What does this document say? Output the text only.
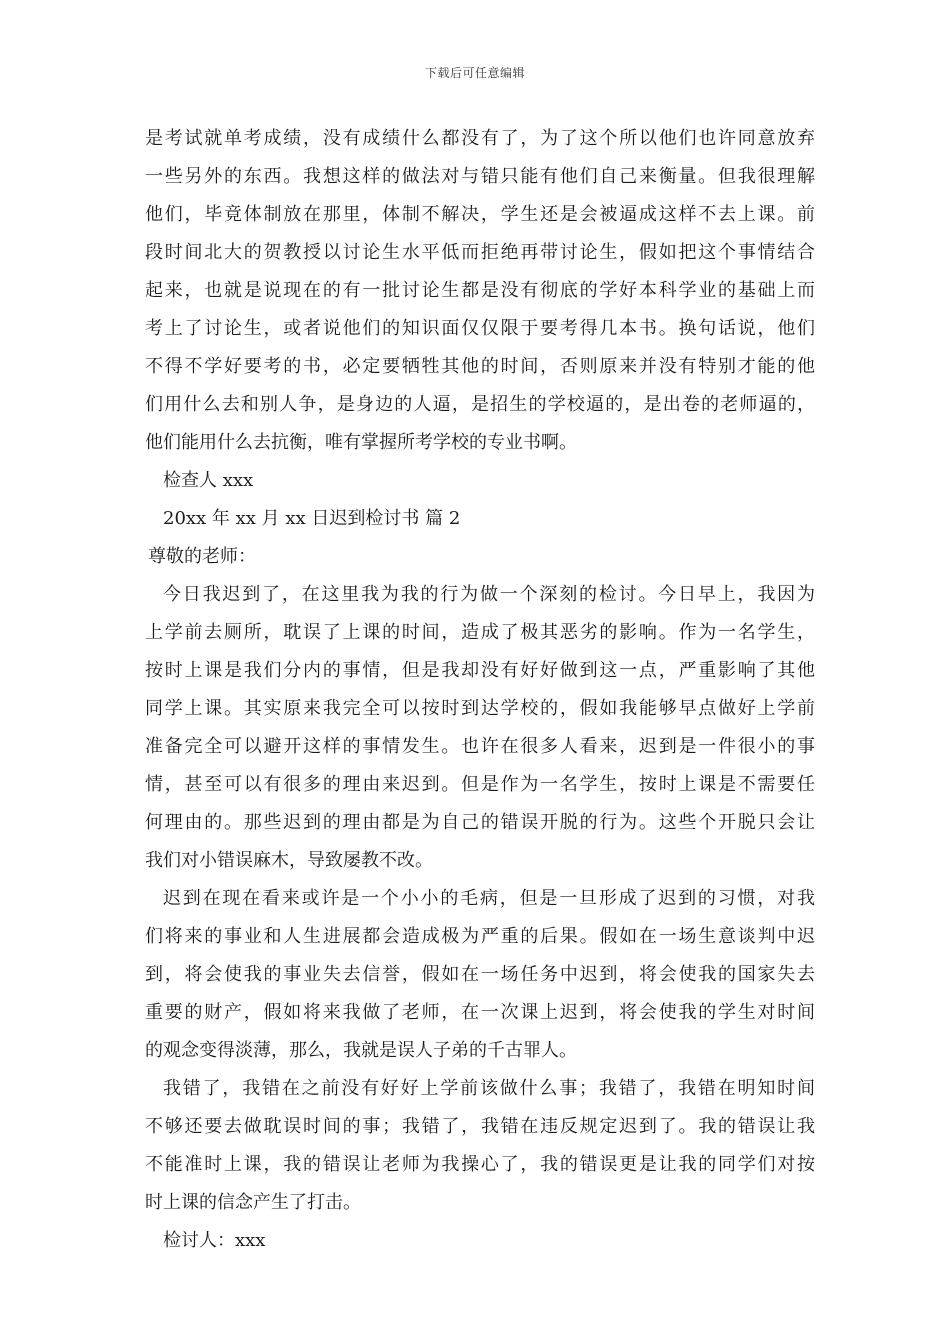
下载后可任意编辑
是考试就单考成绩，没有成绩什么都没有了，为了这个所以他们也许同意放弃
一些另外的东西。我想这样的做法对与错只能有他们自己来衡量。但我很理解
他们，毕竟体制放在那里，体制不解决，学生还是会被逼成这样不去上课。前
段时间北大的贺教授以讨论生水平低而拒绝再带讨论生，假如把这个事情结合
起来，也就是说现在的有一批讨论生都是没有彻底的学好本科学业的基础上而
考上了讨论生，或者说他们的知识面仅仅限于要考得几本书。换句话说，他们
不得不学好要考的书，必定要牺牲其他的时间，否则原来并没有特别才能的他
们用什么去和别人争，是身边的人逼，是招生的学校逼的，是出卷的老师逼的，
他们能用什么去抗衡，唯有掌握所考学校的专业书啊。
检查人 xxx
20xx 年 xx 月 xx 日迟到检讨书 篇 2
尊敬的老师：
今日我迟到了，在这里我为我的行为做一个深刻的检讨。今日早上，我因为
上学前去厕所，耽误了上课的时间，造成了极其恶劣的影响。作为一名学生，
按时上课是我们分内的事情，但是我却没有好好做到这一点，严重影响了其他
同学上课。其实原来我完全可以按时到达学校的，假如我能够早点做好上学前
准备完全可以避开这样的事情发生。也许在很多人看来，迟到是一件很小的事
情，甚至可以有很多的理由来迟到。但是作为一名学生，按时上课是不需要任
何理由的。那些迟到的理由都是为自己的错误开脱的行为。这些个开脱只会让
我们对小错误麻木，导致屡教不改。
迟到在现在看来或许是一个小小的毛病，但是一旦形成了迟到的习惯，对我
们将来的事业和人生进展都会造成极为严重的后果。假如在一场生意谈判中迟
到，将会使我的事业失去信誉，假如在一场任务中迟到，将会使我的国家失去
重要的财产，假如将来我做了老师，在一次课上迟到，将会使我的学生对时间
的观念变得淡薄，那么，我就是误人子弟的千古罪人。
我错了，我错在之前没有好好上学前该做什么事；我错了，我错在明知时间
不够还要去做耽误时间的事；我错了，我错在违反规定迟到了。我的错误让我
不能准时上课，我的错误让老师为我操心了，我的错误更是让我的同学们对按
时上课的信念产生了打击。
检讨人：xxx
